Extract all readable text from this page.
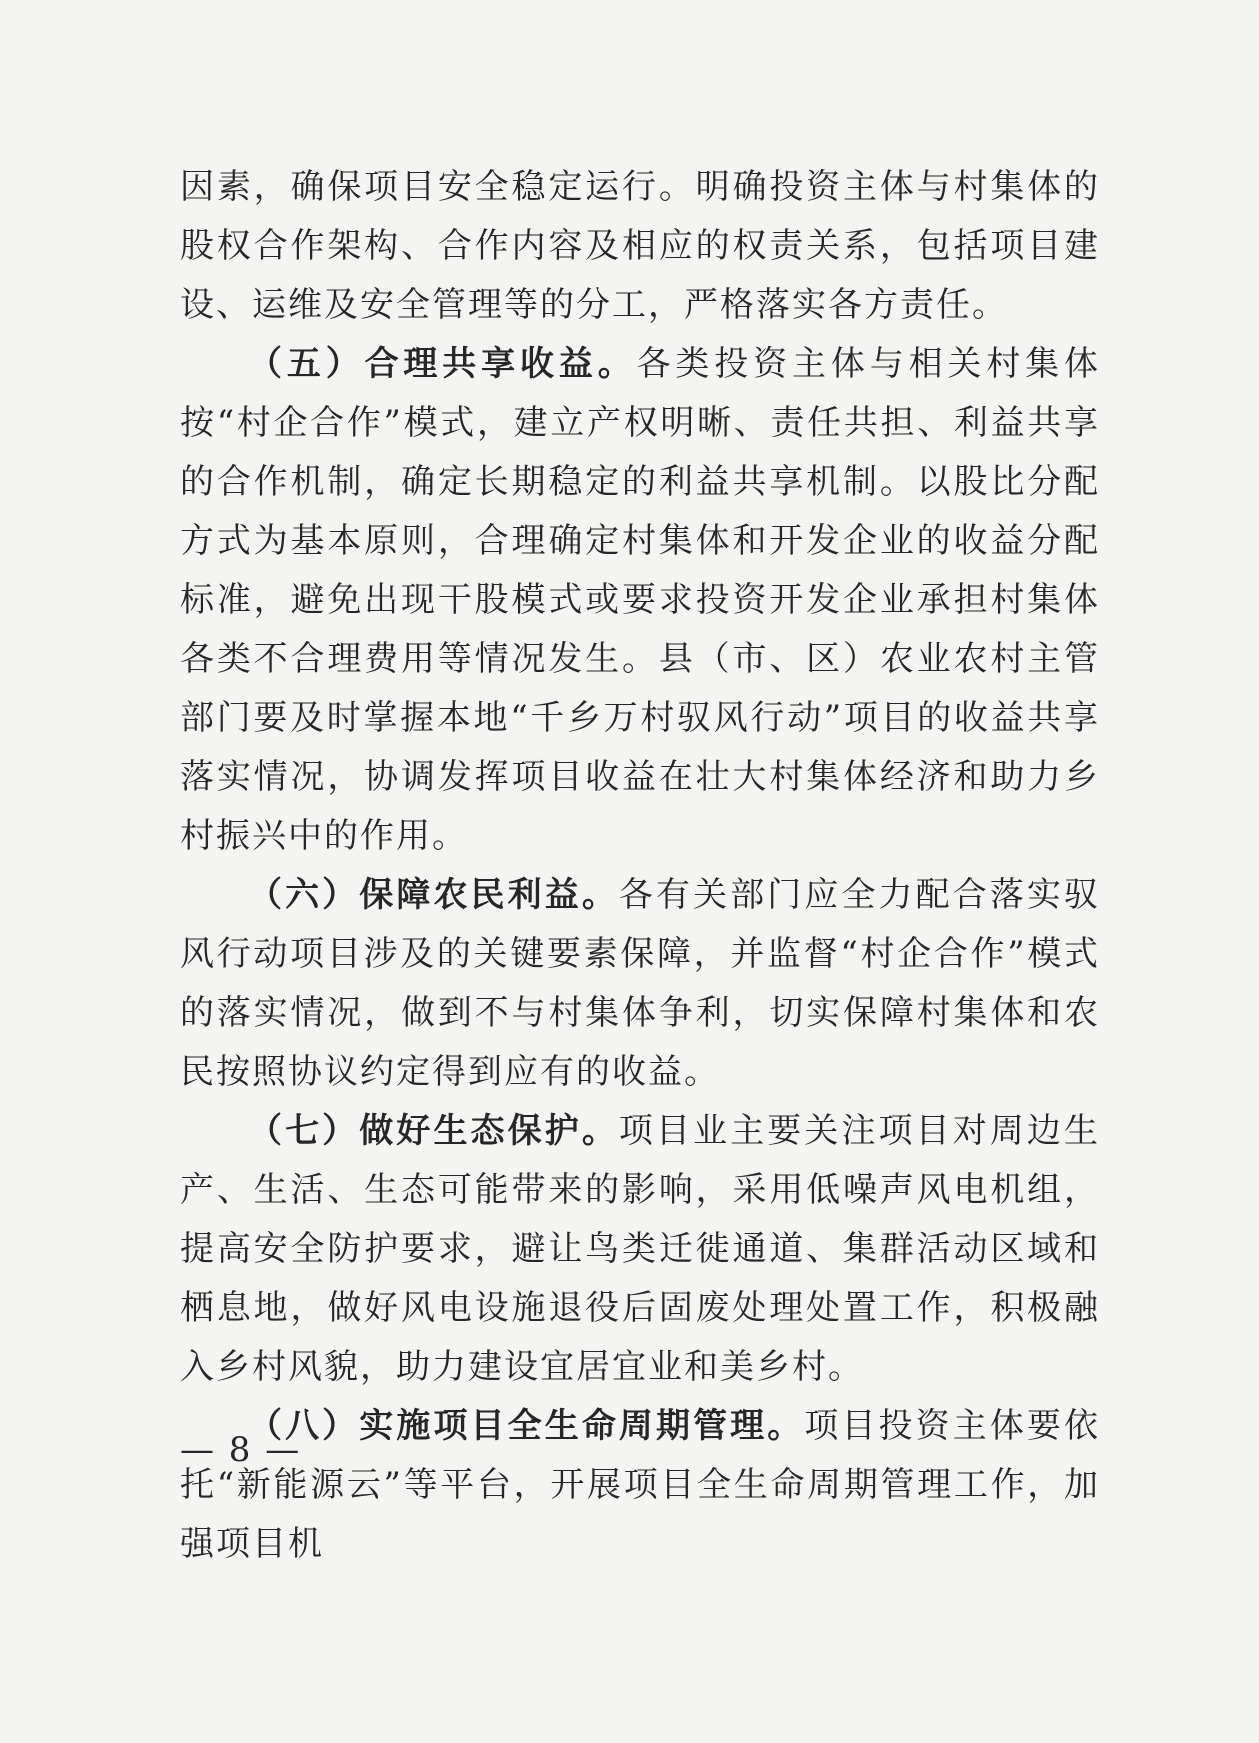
因素，确保项目安全稳定运行。明确投资主体与村集体的股权合作架构、合作内容及相应的权责关系，包括项目建设、运维及安全管理等的分工，严格落实各方责任。

（五）合理共享收益。各类投资主体与相关村集体按“村企合作”模式，建立产权明晰、责任共担、利益共享的合作机制，确定长期稳定的利益共享机制。以股比分配方式为基本原则，合理确定村集体和开发企业的收益分配标准，避免出现干股模式或要求投资开发企业承担村集体各类不合理费用等情况发生。县（市、区）农业农村主管部门要及时掌握本地“千乡万村驭风行动”项目的收益共享落实情况，协调发挥项目收益在壮大村集体经济和助力乡村振兴中的作用。

（六）保障农民利益。各有关部门应全力配合落实驭风行动项目涉及的关键要素保障，并监督“村企合作”模式的落实情况，做到不与村集体争利，切实保障村集体和农民按照协议约定得到应有的收益。

（七）做好生态保护。项目业主要关注项目对周边生产、生活、生态可能带来的影响，采用低噪声风电机组，提高安全防护要求，避让鸟类迁徙通道、集群活动区域和栖息地，做好风电设施退役后固废处理处置工作，积极融入乡村风貌，助力建设宜居宜业和美乡村。

（八）实施项目全生命周期管理。项目投资主体要依托“新能源云”等平台，开展项目全生命周期管理工作，加强项目机

— 8 —
